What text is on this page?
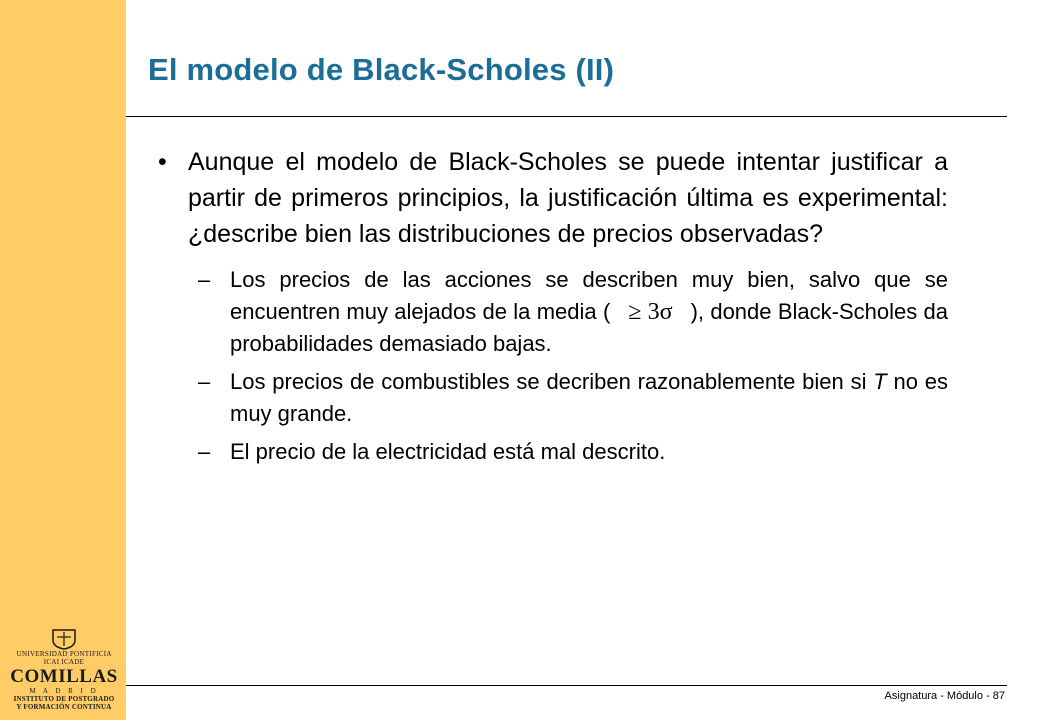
UNIVERSIDAD PONTIFICIA ICAI ICADE
COMILLAS
M A D R I D
INSTITUTO DE POSTGRADO
Y FORMACIÓN CONTINUA
El modelo de Black-Scholes (II)
• Aunque el modelo de Black-Scholes se puede intentar justificar a partir de primeros principios, la justificación última es experimental: ¿describe bien las distribuciones de precios observadas?
– Los precios de las acciones se describen muy bien, salvo que se encuentren muy alejados de la media ( ≥ 3σ ), donde Black-Scholes da probabilidades demasiado bajas.
– Los precios de combustibles se decriben razonablemente bien si T no es muy grande.
– El precio de la electricidad está mal descrito.
Asignatura - Módulo - 87
